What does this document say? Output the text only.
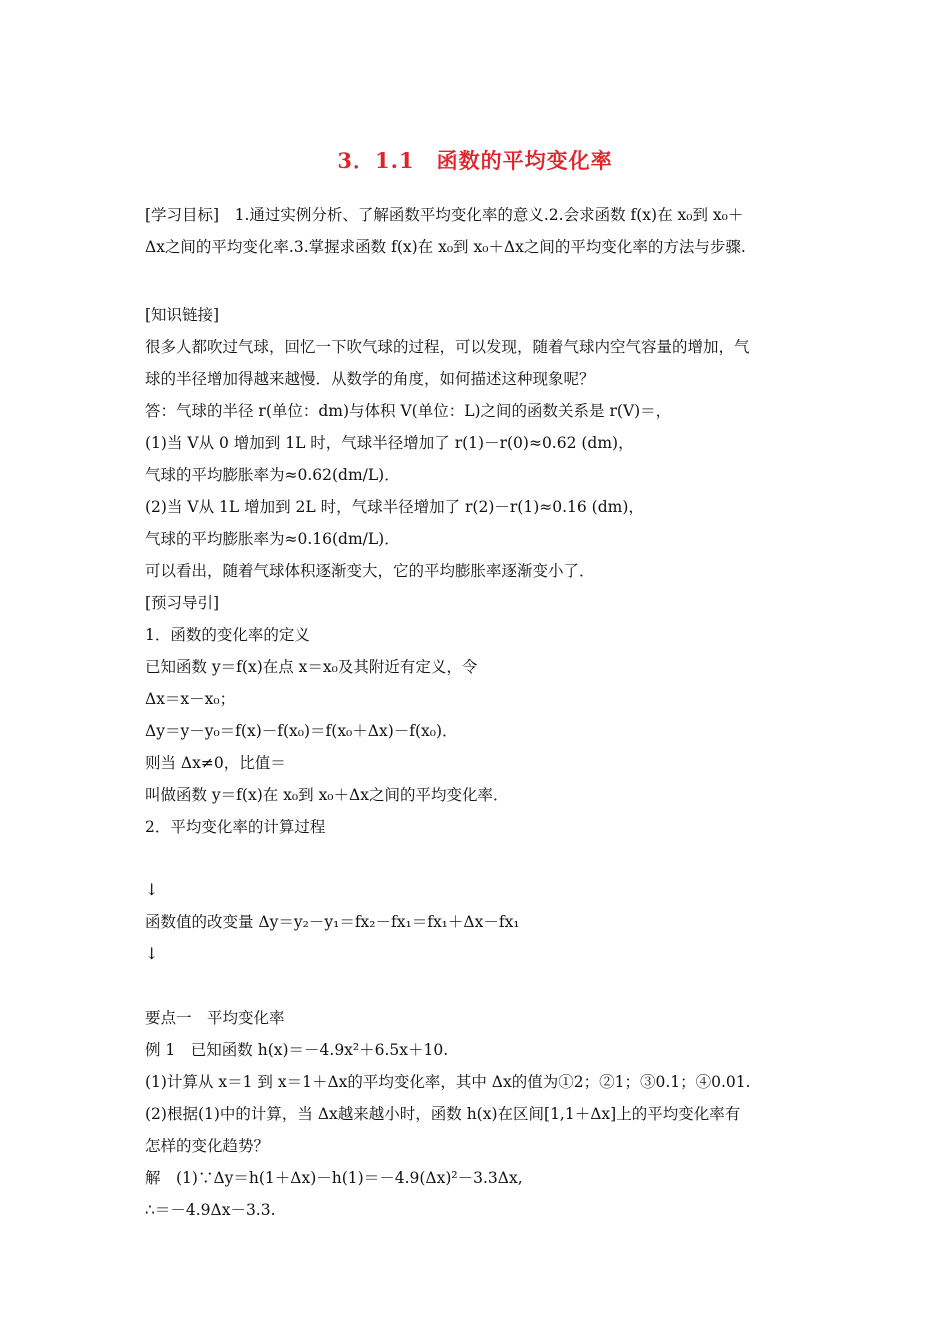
3．1.1　函数的平均变化率
[学习目标]　1.通过实例分析、了解函数平均变化率的意义.2.会求函数 f(x)在 x₀到 x₀＋
Δx之间的平均变化率.3.掌握求函数 f(x)在 x₀到 x₀＋Δx之间的平均变化率的方法与步骤.
[知识链接]
很多人都吹过气球，回忆一下吹气球的过程，可以发现，随着气球内空气容量的增加，气
球的半径增加得越来越慢．从数学的角度，如何描述这种现象呢？
答：气球的半径 r(单位：dm)与体积 V(单位：L)之间的函数关系是 r(V)＝，
(1)当 V从 0 增加到 1L 时，气球半径增加了 r(1)－r(0)≈0.62 (dm)，
气球的平均膨胀率为≈0.62(dm/L)．
(2)当 V从 1L 增加到 2L 时，气球半径增加了 r(2)－r(1)≈0.16 (dm)，
气球的平均膨胀率为≈0.16(dm/L)．
可以看出，随着气球体积逐渐变大，它的平均膨胀率逐渐变小了．
[预习导引]
1．函数的变化率的定义
已知函数 y＝f(x)在点 x＝x₀及其附近有定义，令
Δx＝x－x₀；
Δy＝y－y₀＝f(x)－f(x₀)＝f(x₀＋Δx)－f(x₀)．
则当 Δx≠0，比值＝
叫做函数 y＝f(x)在 x₀到 x₀＋Δx之间的平均变化率．
2．平均变化率的计算过程
↓
函数值的改变量 Δy＝y₂－y₁＝fx₂－fx₁＝fx₁＋Δx－fx₁
↓
要点一　平均变化率
例 1　已知函数 h(x)＝－4.9x²＋6.5x＋10.
(1)计算从 x＝1 到 x＝1＋Δx的平均变化率，其中 Δx的值为①2；②1；③0.1；④0.01.
(2)根据(1)中的计算，当 Δx越来越小时，函数 h(x)在区间[1,1＋Δx]上的平均变化率有
怎样的变化趋势？
解　(1)∵Δy＝h(1＋Δx)－h(1)＝－4.9(Δx)²－3.3Δx,
∴＝－4.9Δx－3.3.
